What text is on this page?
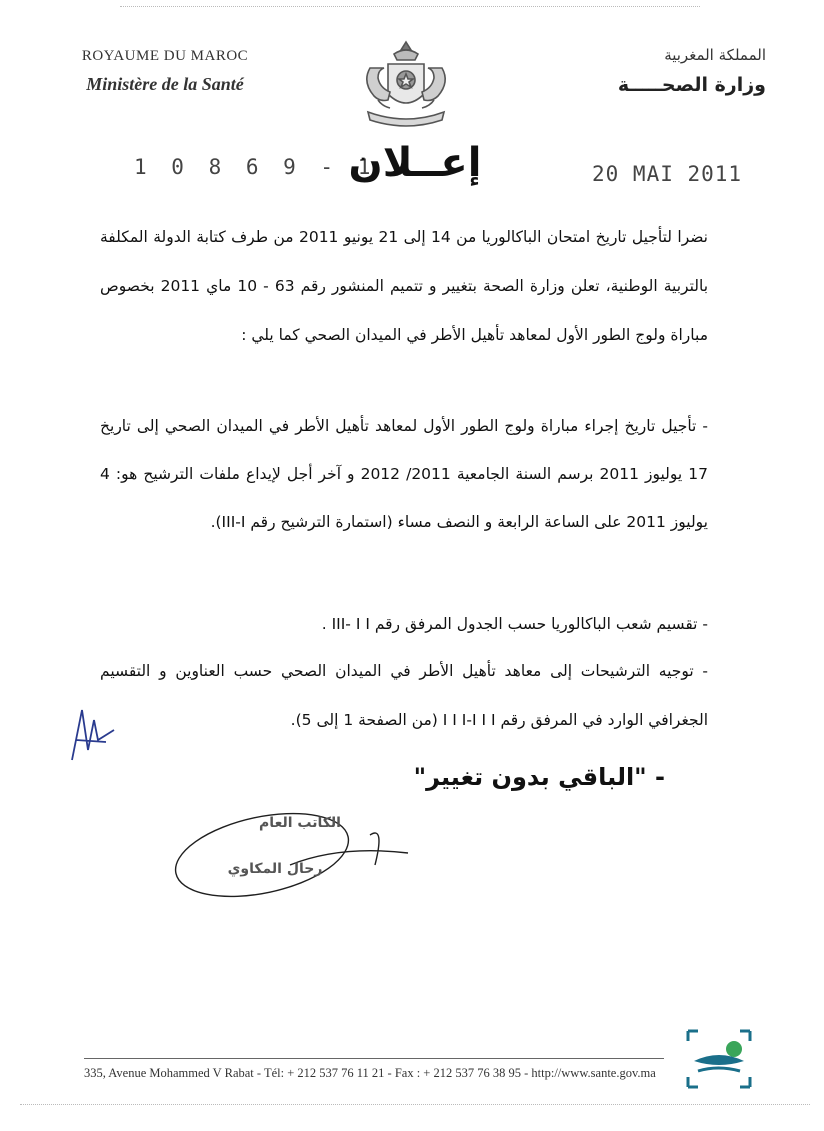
ROYAUME DU MAROC
Ministère de la Santé
المملكة المغربية
وزارة الصحـــــة
1 0 8 6 9 - 1
إعــلان	20 MAI 2011
نضرا لتأجيل تاريخ امتحان الباكالوريا من 14 إلى 21 يونيو 2011 من طرف كتابة الدولة المكلفة بالتربية الوطنية، تعلن وزارة الصحة بتغيير و تتميم المنشور رقم 63 - 10 ماي 2011 بخصوص مباراة ولوج الطور الأول لمعاهد تأهيل الأطر في الميدان الصحي كما يلي :
- تأجيل تاريخ إجراء مباراة ولوج الطور الأول لمعاهد تأهيل الأطر في الميدان الصحي إلى تاريخ 17 يوليوز 2011 برسم السنة الجامعية 2011/ 2012 و آخر أجل لإيداع ملفات الترشيح هو: 4 يوليوز 2011 على الساعة الرابعة و النصف مساء (استمارة الترشيح رقم III-I).
- تقسيم شعب الباكالوريا حسب الجدول المرفق رقم III- I I .
- توجيه الترشيحات إلى معاهد تأهيل الأطر في الميدان الصحي حسب العناوين و التقسيم الجغرافي الوارد في المرفق رقم I I I-I I I (من الصفحة 1 إلى 5).
- "الباقي بدون تغيير"
الكاتب العام
رحال المكاوي
335, Avenue Mohammed V Rabat - Tél: + 212 537 76 11 21 - Fax : + 212 537 76 38 95 - http://www.sante.gov.ma
